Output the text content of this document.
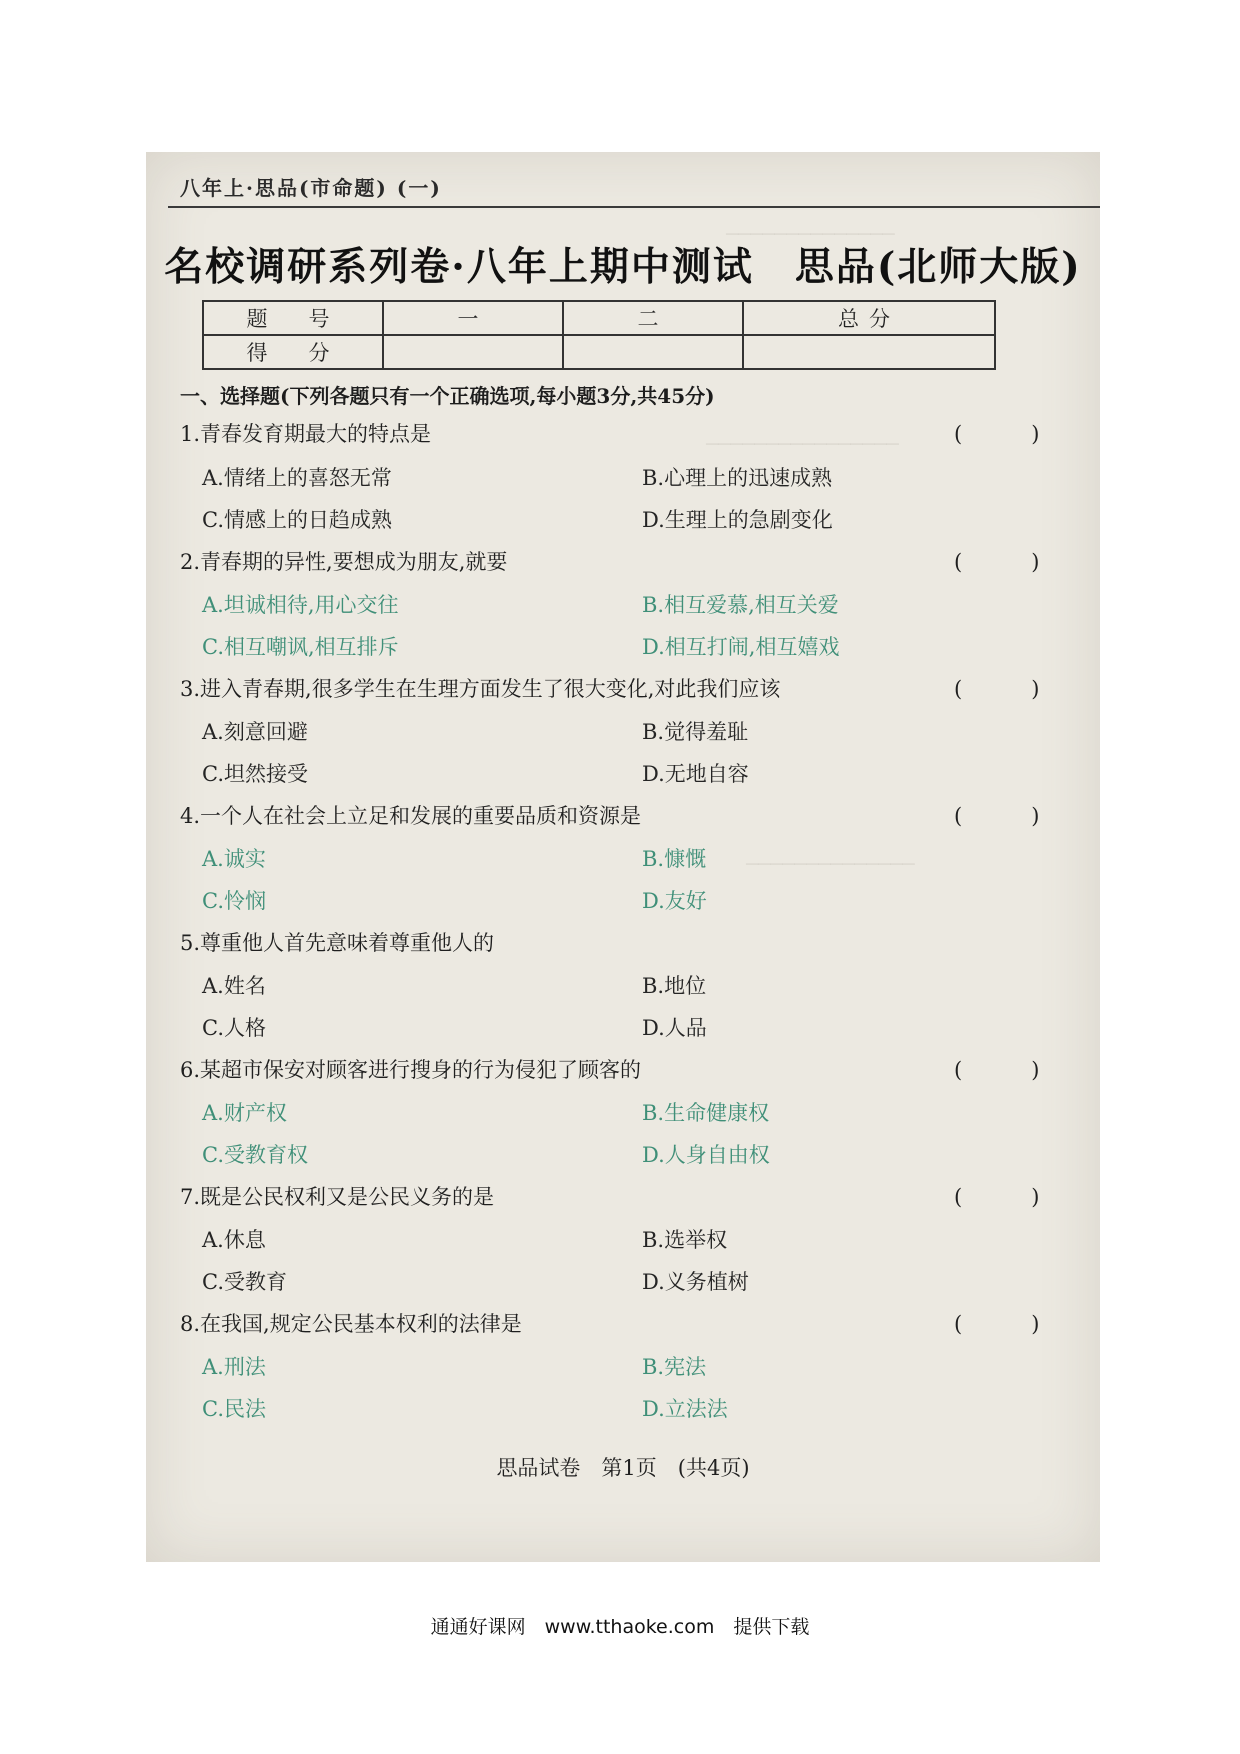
──────────────
────────────────
──────────────
八年上·思品(市命题) (一)
名校调研系列卷·八年上期中测试　思品(北师大版)
题　号	一	二	总分
得　分			
一、选择题(下列各题只有一个正确选项,每小题3分,共45分)
1.青春发育期最大的特点是	(　)
A.情绪上的喜怒无常	B.心理上的迅速成熟
C.情感上的日趋成熟	D.生理上的急剧变化
2.青春期的异性,要想成为朋友,就要	(　)
A.坦诚相待,用心交往	B.相互爱慕,相互关爱
C.相互嘲讽,相互排斥	D.相互打闹,相互嬉戏
3.进入青春期,很多学生在生理方面发生了很大变化,对此我们应该	(　)
A.刻意回避	B.觉得羞耻
C.坦然接受	D.无地自容
4.一个人在社会上立足和发展的重要品质和资源是	(　)
A.诚实	B.慷慨
C.怜悯	D.友好
5.尊重他人首先意味着尊重他人的
A.姓名	B.地位
C.人格	D.人品
6.某超市保安对顾客进行搜身的行为侵犯了顾客的	(　)
A.财产权	B.生命健康权
C.受教育权	D.人身自由权
7.既是公民权利又是公民义务的是	(　)
A.休息	B.选举权
C.受教育	D.义务植树
8.在我国,规定公民基本权利的法律是	(　)
A.刑法	B.宪法
C.民法	D.立法法
思品试卷　第1页　(共4页)
通通好课网　www.tthaoke.com　提供下载
